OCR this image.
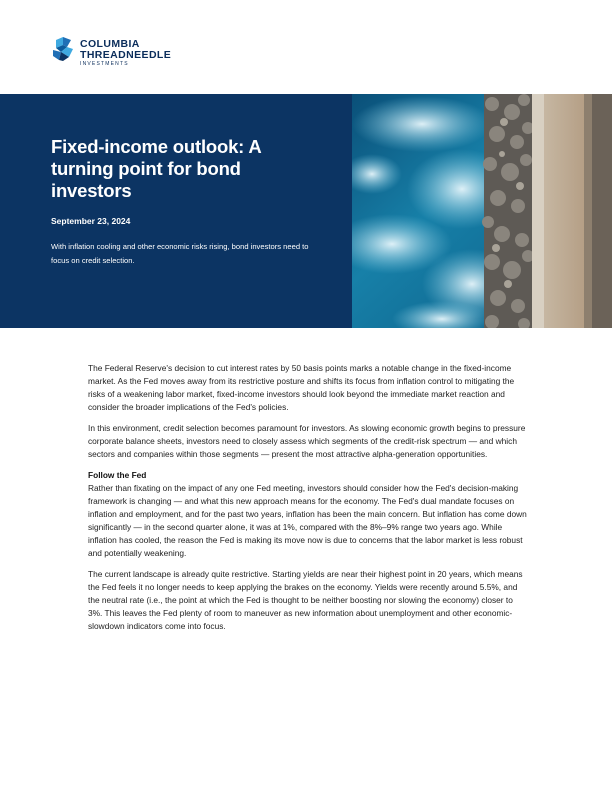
COLUMBIA
THREADNEEDLE
INVESTMENTS
Fixed-income outlook: A turning point for bond investors
September 23, 2024

With inflation cooling and other economic risks rising, bond investors need to focus on credit selection.

The Federal Reserve's decision to cut interest rates by 50 basis points marks a notable change in the fixed-income market. As the Fed moves away from its restrictive posture and shifts its focus from inflation control to mitigating the risks of a weakening labor market, fixed-income investors should look beyond the immediate market reaction and consider the broader implications of the Fed's policies.

In this environment, credit selection becomes paramount for investors. As slowing economic growth begins to pressure corporate balance sheets, investors need to closely assess which segments of the credit-risk spectrum — and which sectors and companies within those segments — present the most attractive alpha-generation opportunities.

Follow the Fed

Rather than fixating on the impact of any one Fed meeting, investors should consider how the Fed's decision-making framework is changing — and what this new approach means for the economy. The Fed's dual mandate focuses on inflation and employment, and for the past two years, inflation has been the main concern. But inflation has come down significantly — in the second quarter alone, it was at 1%, compared with the 8%–9% range two years ago. While inflation has cooled, the reason the Fed is making its move now is due to concerns that the labor market is less robust and potentially weakening.

The current landscape is already quite restrictive. Starting yields are near their highest point in 20 years, which means the Fed feels it no longer needs to keep applying the brakes on the economy. Yields were recently around 5.5%, and the neutral rate (i.e., the point at which the Fed is thought to be neither boosting nor slowing the economy) closer to 3%. This leaves the Fed plenty of room to maneuver as new information about unemployment and other economic-slowdown indicators come into focus.
